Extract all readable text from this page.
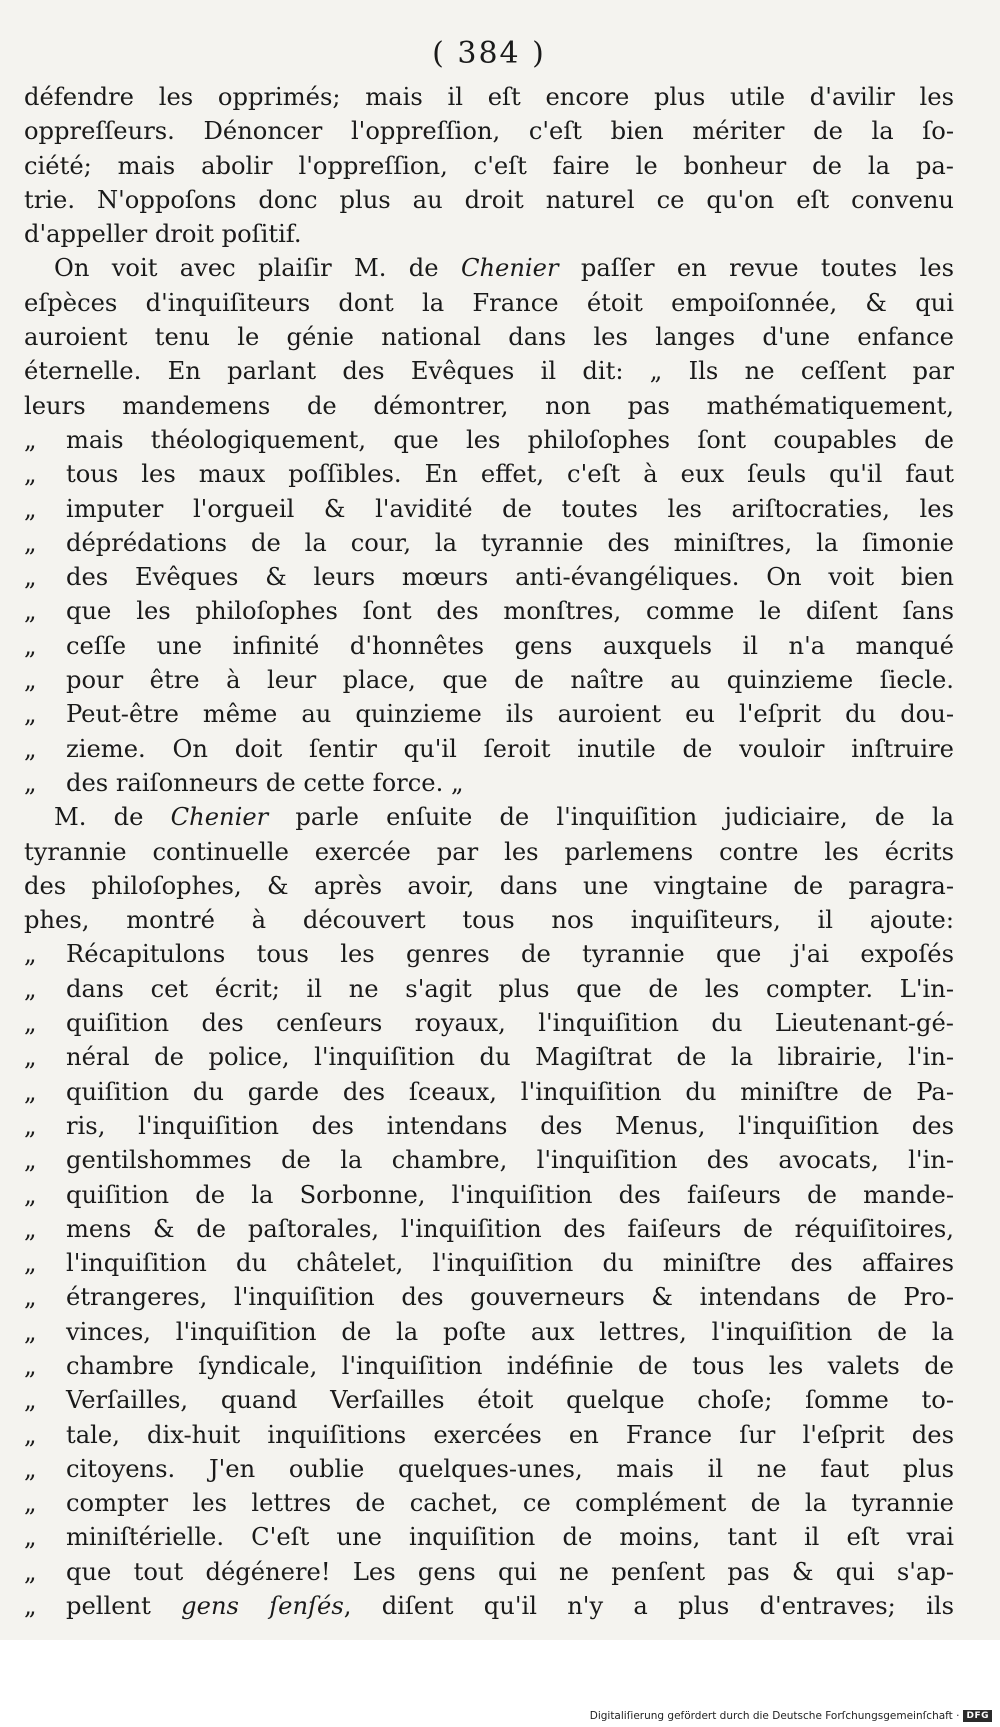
( 384 )
défendre les opprimés; mais il eſt encore plus utile d'avilir les
oppreſſeurs. Dénoncer l'oppreſſion, c'eſt bien mériter de la ſo-
ciété; mais abolir l'oppreſſion, c'eſt faire le bonheur de la pa-
trie. N'oppoſons donc plus au droit naturel ce qu'on eſt convenu
d'appeller droit poſitif.
On voit avec plaiſir M. de Chenier paſſer en revue toutes les
eſpèces d'inquiſiteurs dont la France étoit empoiſonnée, & qui
auroient tenu le génie national dans les langes d'une enfance
éternelle. En parlant des Evêques il dit: „ Ils ne ceſſent par
leurs mandemens de démontrer, non pas mathématiquement,
„ mais théologiquement, que les philoſophes ſont coupables de
„ tous les maux poſſibles. En effet, c'eſt à eux ſeuls qu'il faut
„ imputer l'orgueil & l'avidité de toutes les ariſtocraties, les
„ déprédations de la cour, la tyrannie des miniſtres, la ſimonie
„ des Evêques & leurs mœurs anti-évangéliques. On voit bien
„ que les philoſophes ſont des monſtres, comme le diſent ſans
„ ceſſe une infinité d'honnêtes gens auxquels il n'a manqué
„ pour être à leur place, que de naître au quinzieme ſiecle.
„ Peut-être même au quinzieme ils auroient eu l'eſprit du dou-
„ zieme. On doit ſentir qu'il ſeroit inutile de vouloir inſtruire
„ des raiſonneurs de cette force. „
M. de Chenier parle enſuite de l'inquiſition judiciaire, de la
tyrannie continuelle exercée par les parlemens contre les écrits
des philoſophes, & après avoir, dans une vingtaine de paragra-
phes, montré à découvert tous nos inquiſiteurs, il ajoute:
„ Récapitulons tous les genres de tyrannie que j'ai expoſés
„ dans cet écrit; il ne s'agit plus que de les compter. L'in-
„ quiſition des cenſeurs royaux, l'inquiſition du Lieutenant-gé-
„ néral de police, l'inquiſition du Magiſtrat de la librairie, l'in-
„ quiſition du garde des ſceaux, l'inquiſition du miniſtre de Pa-
„ ris, l'inquiſition des intendans des Menus, l'inquiſition des
„ gentilshommes de la chambre, l'inquiſition des avocats, l'in-
„ quiſition de la Sorbonne, l'inquiſition des faiſeurs de mande-
„ mens & de paſtorales, l'inquiſition des faiſeurs de réquiſitoires,
„ l'inquiſition du châtelet, l'inquiſition du miniſtre des affaires
„ étrangeres, l'inquiſition des gouverneurs & intendans de Pro-
„ vinces, l'inquiſition de la poſte aux lettres, l'inquiſition de la
„ chambre ſyndicale, l'inquiſition indéfinie de tous les valets de
„ Verſailles, quand Verſailles étoit quelque choſe; ſomme to-
„ tale, dix-huit inquiſitions exercées en France ſur l'eſprit des
„ citoyens. J'en oublie quelques-unes, mais il ne faut plus
„ compter les lettres de cachet, ce complément de la tyrannie
„ miniſtérielle. C'eſt une inquiſition de moins, tant il eſt vrai
„ que tout dégénere! Les gens qui ne penſent pas & qui s'ap-
„ pellent gens ſenſés, diſent qu'il n'y a plus d'entraves; ils
Digitaliſierung gefördert durch die Deutsche Forſchungsgemeinſchaft · DFG
